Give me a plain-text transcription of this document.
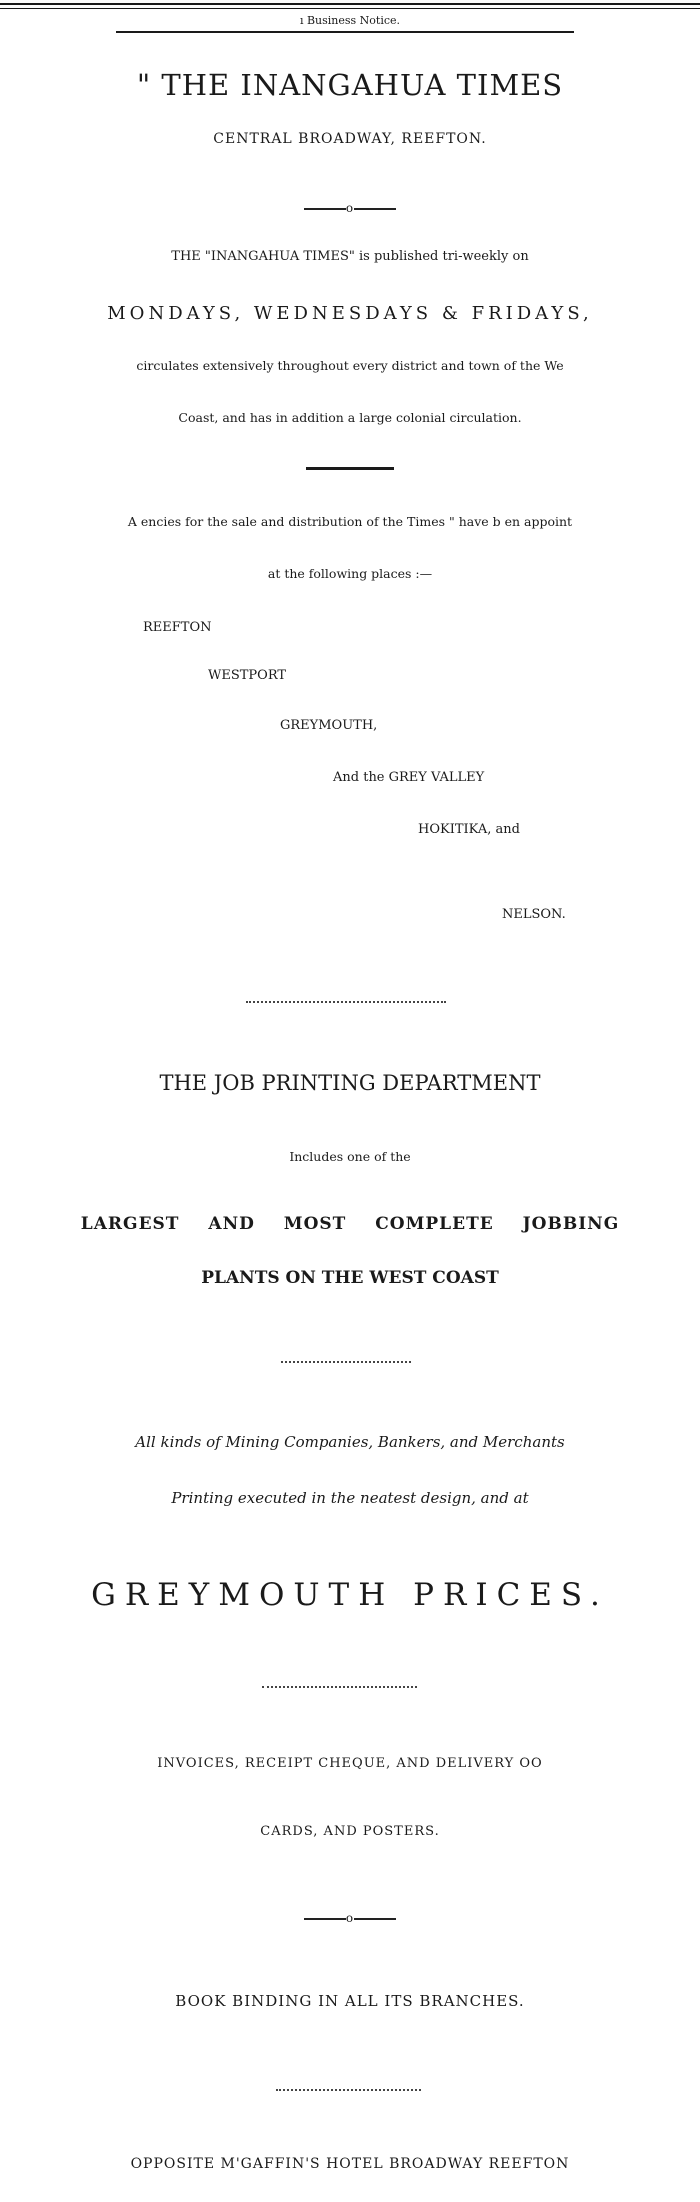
ı Business Notice.
" THE INANGAHUA TIMES
CENTRAL BROADWAY, REEFTON.
o
THE "INANGAHUA TIMES" is published tri-weekly on
MONDAYS, WEDNESDAYS & FRIDAYS,
circulates extensively throughout every district and town of the We
Coast, and has in addition a large colonial circulation.
A encies for the sale and distribution of the Times " have b en appoint
at the following places :—
REEFTON
WESTPORT
GREYMOUTH,
And the GREY VALLEY
HOKITIKA, and
NELSON.
THE JOB PRINTING DEPARTMENT
Includes one of the
LARGEST AND MOST COMPLETE JOBBING
PLANTS ON THE WEST COAST
All kinds of Mining Companies, Bankers, and Merchants
Printing executed in the neatest design, and at
GREYMOUTH PRICES.
INVOICES, RECEIPT CHEQUE, AND DELIVERY OO
CARDS, AND POSTERS.
o
BOOK BINDING IN ALL ITS BRANCHES.
OPPOSITE M'GAFFIN'S HOTEL BROADWAY REEFTON
